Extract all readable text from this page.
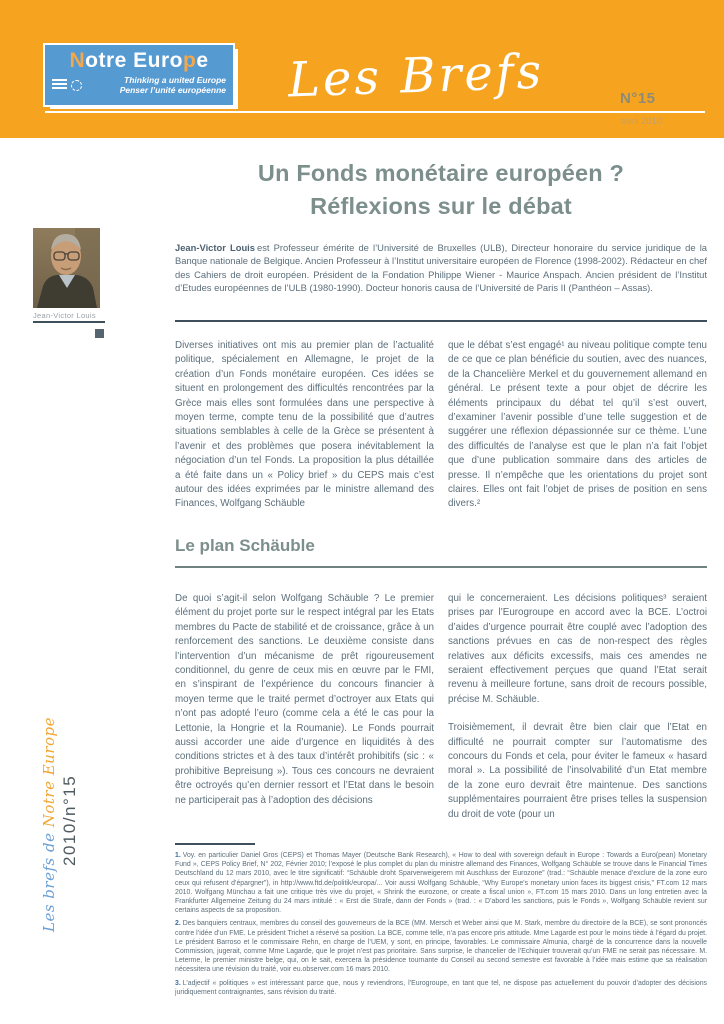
Notre Europe
Thinking a united Europe
Penser l’unité européenne Les Brefs	N°15
avril 2010
Un Fonds monétaire européen ?
Réflexions sur le débat
Jean-Victor Louis
Jean-Victor Louis est Professeur émérite de l’Université de Bruxelles (ULB), Directeur honoraire du service juridique de la Banque nationale de Belgique. Ancien Professeur à l’Institut universitaire européen de Florence (1998-2002). Rédacteur en chef des Cahiers de droit européen. Président de la Fondation Philippe Wiener - Maurice Anspach. Ancien président de l’Institut d’Etudes européennes de l’ULB (1980-1990). Docteur honoris causa de l’Université de Paris II (Panthéon – Assas).
Diverses initiatives ont mis au premier plan de l’actualité politique, spécialement en Allemagne, le projet de la création d’un Fonds monétaire européen. Ces idées se situent en prolongement des difficultés rencontrées par la Grèce mais elles sont formulées dans une perspective à moyen terme, compte tenu de la possibilité que d’autres situations semblables à celle de la Grèce se présentent à l’avenir et des problèmes que posera inévitablement la négociation d’un tel Fonds. La proposition la plus détaillée a été faite dans un « Policy brief » du CEPS mais c’est autour des idées exprimées par le ministre allemand des Finances, Wolfgang Schäuble
que le débat s’est engagé¹ au niveau politique compte tenu de ce que ce plan bénéficie du soutien, avec des nuances, de la Chancelière Merkel et du gouvernement allemand en général. Le présent texte a pour objet de décrire les éléments principaux du débat tel qu’il s’est ouvert, d’examiner l’avenir possible d’une telle suggestion et de suggérer une réflexion dépassionnée sur ce thème. L’une des difficultés de l’analyse est que le plan n’a fait l’objet que d’une publication sommaire dans des articles de presse. Il n’empêche que les orientations du projet sont claires. Elles ont fait l’objet de prises de position en sens divers.²
Le plan Schäuble
De quoi s’agit-il selon Wolfgang Schäuble ? Le premier élément du projet porte sur le respect intégral par les Etats membres du Pacte de stabilité et de croissance, grâce à un renforcement des sanctions. Le deuxième consiste dans l’intervention d’un mécanisme de prêt rigoureusement conditionnel, du genre de ceux mis en œuvre par le FMI, en s’inspirant de l’expérience du concours financier à moyen terme que le traité permet d’octroyer aux Etats qui n’ont pas adopté l’euro (comme cela a été le cas pour la Lettonie, la Hongrie et la Roumanie). Le Fonds pourrait aussi accorder une aide d’urgence en liquidités à des conditions strictes et à des taux d’intérêt prohibitifs (sic : « prohibitive Bepreisung »). Tous ces concours ne devraient être octroyés qu’en dernier ressort et l’Etat dans le besoin ne participerait pas à l’adoption des décisions

qui le concerneraient. Les décisions politiques³ seraient prises par l’Eurogroupe en accord avec la BCE. L’octroi d’aides d’urgence pourrait être couplé avec l’adoption des sanctions prévues en cas de non-respect des règles relatives aux déficits excessifs, mais ces amendes ne seraient effectivement perçues que quand l’Etat serait revenu à meilleure fortune, sans droit de recours possible, précise M. Schäuble.

Troisièmement, il devrait être bien clair que l’Etat en difficulté ne pourrait compter sur l’automatisme des concours du Fonds et cela, pour éviter le fameux « hasard moral ». La possibilité de l’insolvabilité d’un Etat membre de la zone euro devrait être maintenue. Des sanctions supplémentaires pourraient être prises telles la suspension du droit de vote (pour un

1. Voy. en particulier Daniel Gros (CEPS) et Thomas Mayer (Deutsche Bank Research), « How to deal with sovereign default in Europe : Towards a Euro(pean) Monetary Fund », CEPS Policy Brief, N° 202, Février 2010; l’exposé le plus complet du plan du ministre allemand des Finances, Wolfgang Schäuble se trouve dans le Financial Times Deutschland du 12 mars 2010, avec le titre significatif: “Schäuble droht Sparverweigerern mit Auschluss der Eurozone” (trad.: “Schäuble menace d’exclure de la zone euro ceux qui refusent d’épargner”), in http://www.ftd.de/politik/europa/... Voir aussi Wolfgang Schäuble, “Why Europe’s monetary union faces its biggest crisis,” FT.com 12 mars 2010. Wolfgang Münchau a fait une critique très vive du projet, « Shrink the eurozone, or create a fiscal union », FT.com 15 mars 2010. Dans un long entretien avec la Frankfurter Allgemeine Zeitung du 24 mars intitulé : « Erst die Strafe, dann der Fonds » (trad. : « D’abord les sanctions, puis le Fonds », Wolfgang Schäuble revient sur certains aspects de sa proposition.

2. Des banquiers centraux, membres du conseil des gouverneurs de la BCE (MM. Mersch et Weber ainsi que M. Stark, membre du directoire de la BCE), se sont prononcés contre l’idée d’un FME. Le président Trichet a réservé sa position. La BCE, comme telle, n’a pas encore pris attitude. Mme Lagarde est pour le moins tiède à l’égard du projet. Le président Barroso et le commissaire Rehn, en charge de l’UEM, y sont, en principe, favorables. Le commissaire Almunia, chargé de la concurrence dans la nouvelle Commission, jugerait, comme Mme Lagarde, que le projet n’est pas prioritaire. Sans surprise, le chancelier de l’Echiquier trouverait qu’un FME ne serait pas nécessaire. M. Leterme, le premier ministre belge, qui, on le sait, exercera la présidence tournante du Conseil au second semestre est favorable à l’idée mais estime que sa réalisation nécessitera une révision du traité, voir eu.observer.com 16 mars 2010.

3. L’adjectif « politiques » est intéressant parce que, nous y reviendrons, l’Eurogroupe, en tant que tel, ne dispose pas actuellement du pouvoir d’adopter des décisions juridiquement contraignantes, sans révision du traité.

Les brefs de Notre Europe 2010/n°15
